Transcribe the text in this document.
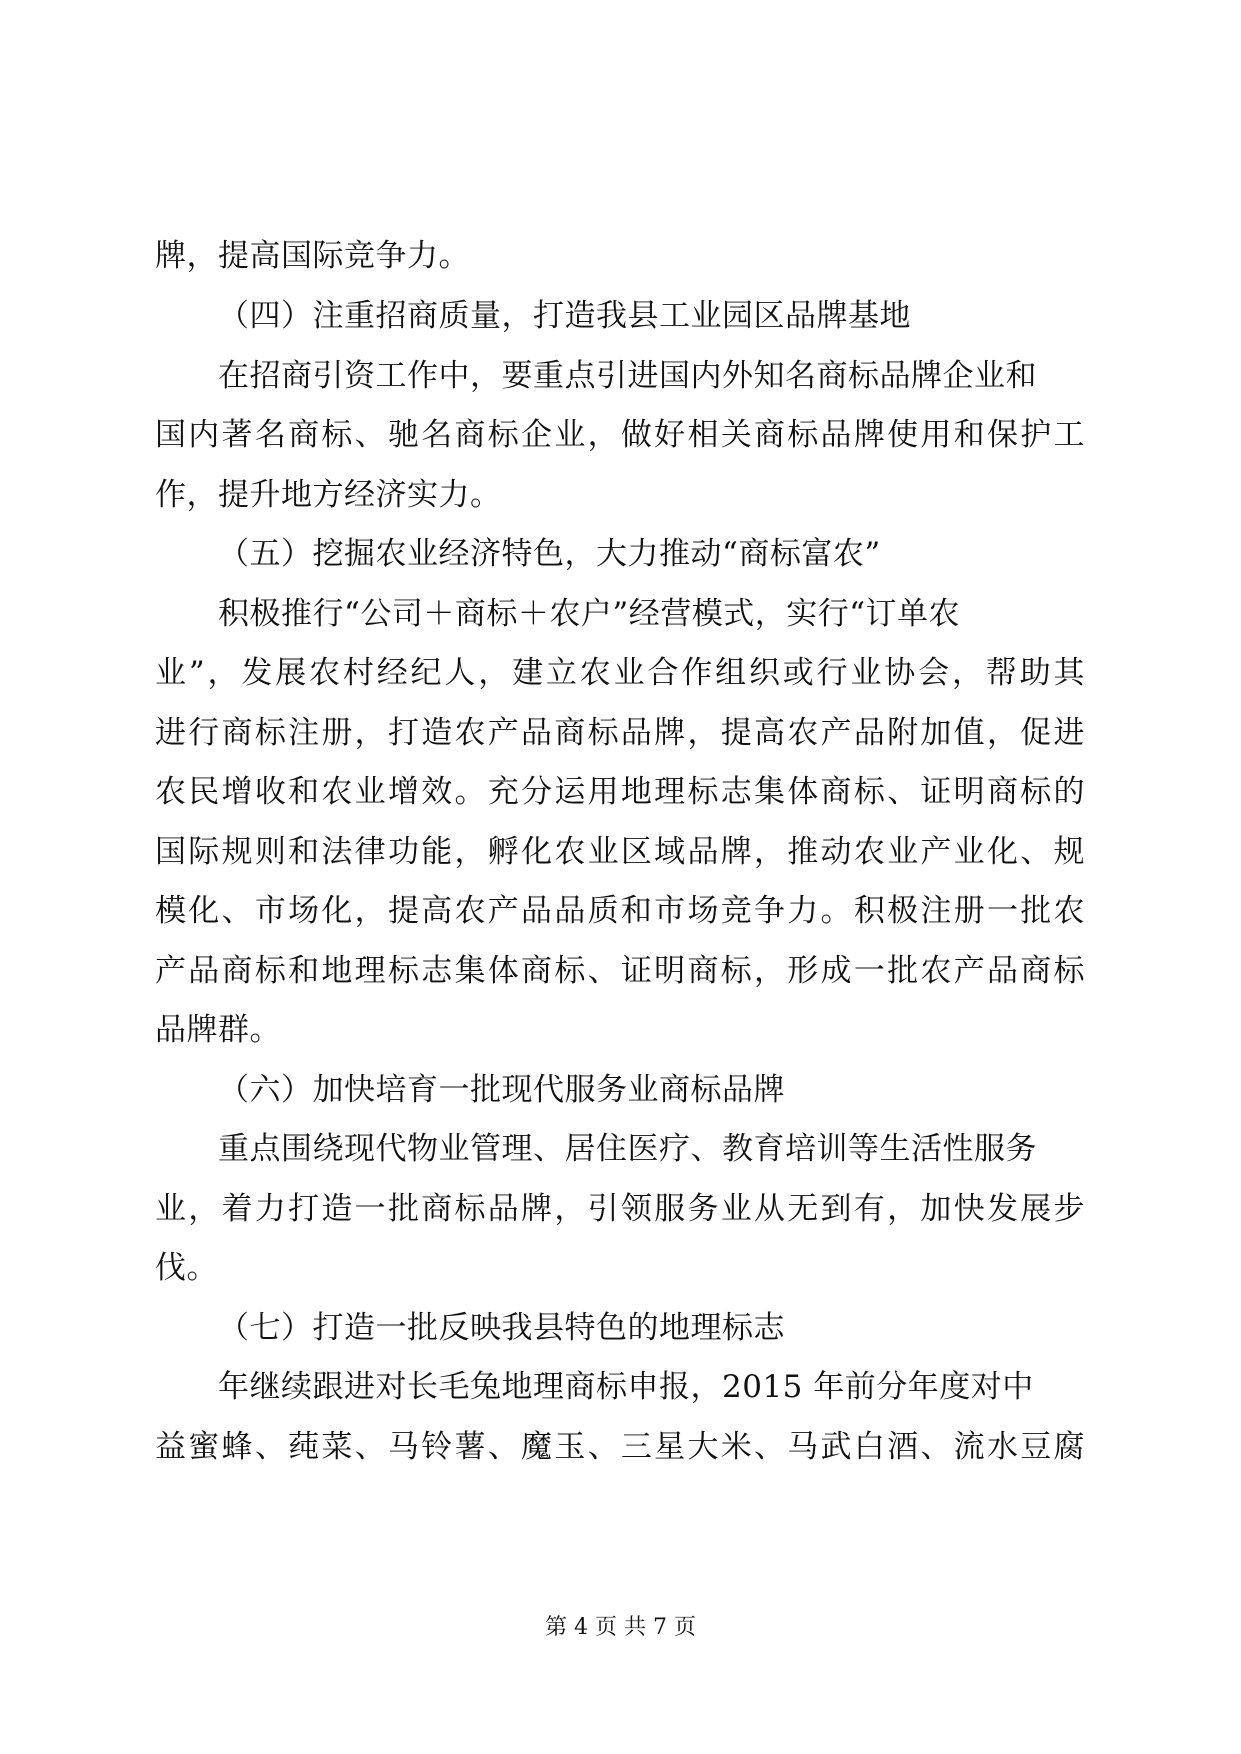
牌，提高国际竞争力。
（四）注重招商质量，打造我县工业园区品牌基地
在招商引资工作中，要重点引进国内外知名商标品牌企业和
国内著名商标、驰名商标企业，做好相关商标品牌使用和保护工
作，提升地方经济实力。
（五）挖掘农业经济特色，大力推动“商标富农”
积极推行“公司＋商标＋农户”经营模式，实行“订单农
业”，发展农村经纪人，建立农业合作组织或行业协会，帮助其
进行商标注册，打造农产品商标品牌，提高农产品附加值，促进
农民增收和农业增效。充分运用地理标志集体商标、证明商标的
国际规则和法律功能，孵化农业区域品牌，推动农业产业化、规
模化、市场化，提高农产品品质和市场竞争力。积极注册一批农
产品商标和地理标志集体商标、证明商标，形成一批农产品商标
品牌群。
（六）加快培育一批现代服务业商标品牌
重点围绕现代物业管理、居住医疗、教育培训等生活性服务
业，着力打造一批商标品牌，引领服务业从无到有，加快发展步
伐。
（七）打造一批反映我县特色的地理标志
年继续跟进对长毛兔地理商标申报，2015 年前分年度对中
益蜜蜂、莼菜、马铃薯、魔玉、三星大米、马武白酒、流水豆腐
第 4 页 共 7 页
